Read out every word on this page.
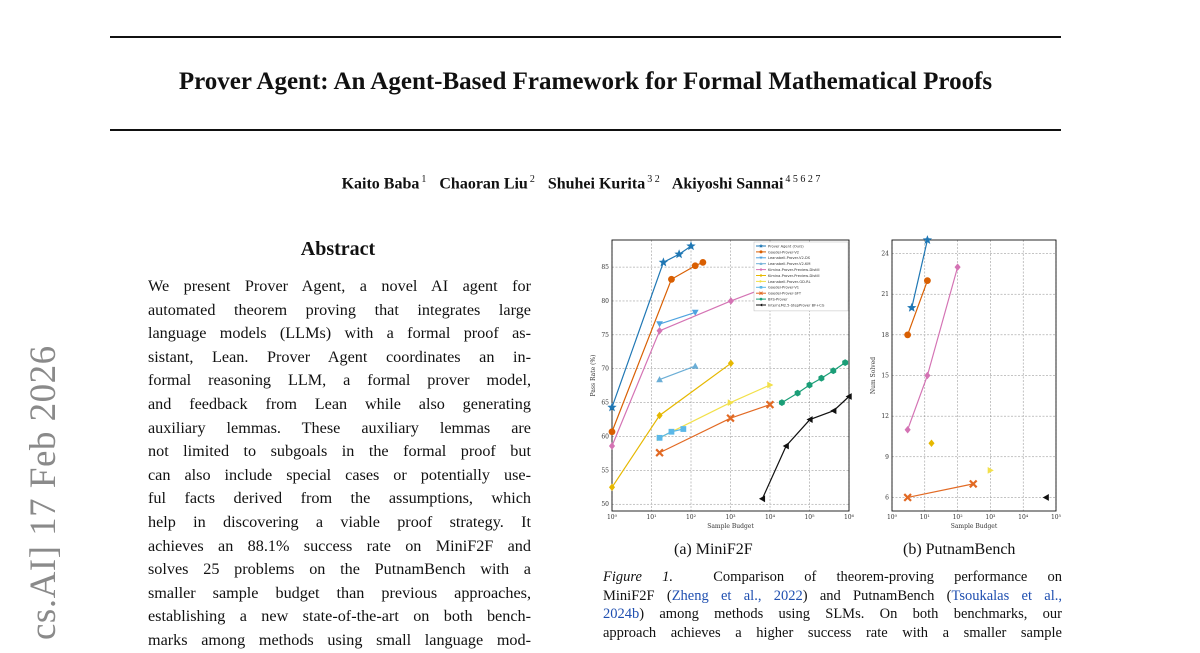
Prover Agent: An Agent-Based Framework for Formal Mathematical Proofs
Kaito Baba $^1$ Chaoran Liu $^2$ Shuhei Kurita $^{3 2}$ Akiyoshi Sannai $^{4 5 6 2 7}$
cs.AI] 17 Feb 2026
Abstract
We present Prover Agent, a novel AI agent for
automated theorem proving that integrates large
language models (LLMs) with a formal proof as-
sistant, Lean. Prover Agent coordinates an in-
formal reasoning LLM, a formal prover model,
and feedback from Lean while also generating
auxiliary lemmas. These auxiliary lemmas are
not limited to subgoals in the formal proof but
can also include special cases or potentially use-
ful facts derived from the assumptions, which
help in discovering a viable proof strategy. It
achieves an 88.1% success rate on MiniF2F and
solves 25 problems on the PutnamBench with a
smaller sample budget than previous approaches,
establishing a new state-of-the-art on both bench-
marks among methods using small language mod-
10⁰	10¹	10²	10³	10⁴	10⁵	10⁶
50
55
60
65
70
75
80
85
Sample Budget
Pass Rate (%)
Prover Agent (Ours)
Goedel-Prover-V2
Leanabell-Prover-V2-DS
Leanabell-Prover-V2-KM
Kimina-Prover-Preview-Distill
Kimina-Prover-Preview-Distill
Leanabell-Prover-GD-RL
Goedel-Prover-V1
Goedel-Prover-SFT
BFS-Prover
InternLM2.5-StepProver BF+CG
10⁰	10¹	10²	10³	10⁴	10⁵
6
9
12
15
18
21
24
Sample Budget
Num Solved
(a) MiniF2F	(b) PutnamBench
Figure 1.	Comparison of theorem-proving performance on
MiniF2F (Zheng et al., 2022) and PutnamBench (Tsoukalas et al.,
2024b) among methods using SLMs. On both benchmarks, our
approach achieves a higher success rate with a smaller sample
